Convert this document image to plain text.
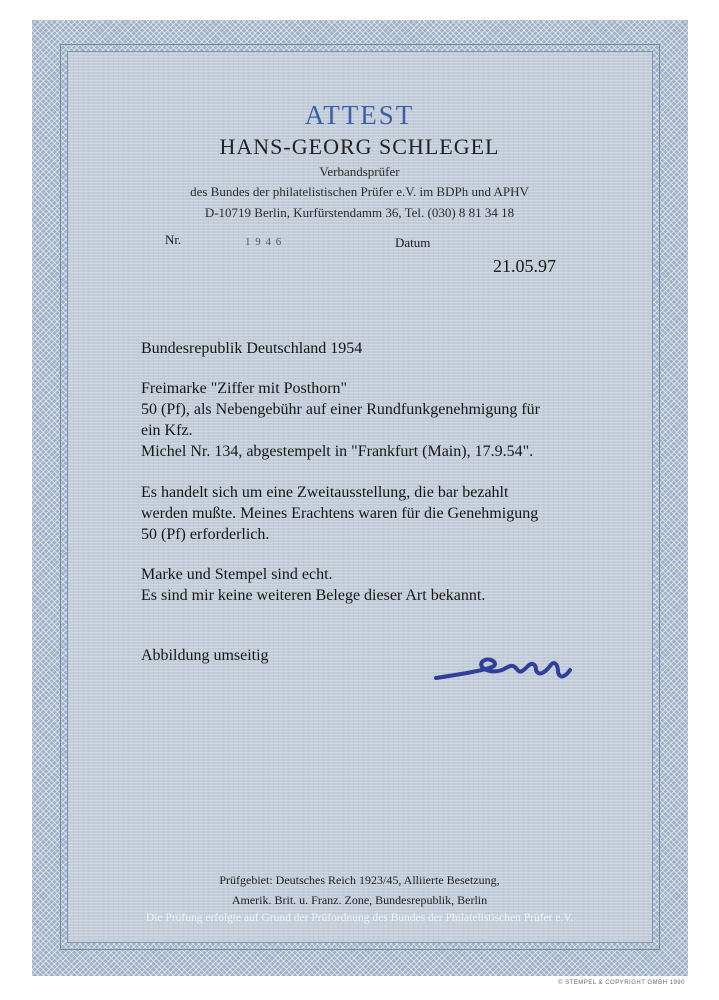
ATTEST
HANS-GEORG SCHLEGEL
Verbandsprüfer
des Bundes der philatelistischen Prüfer e.V. im BDPh und APHV
D-10719 Berlin, Kurfürstendamm 36, Tel. (030) 8 81 34 18
Nr.	1 9 4 6	Datum
21.05.97
Bundesrepublik Deutschland 1954
Freimarke "Ziffer mit Posthorn"
50 (Pf), als Nebengebühr auf einer Rundfunkgenehmigung für
ein Kfz.
Michel Nr. 134, abgestempelt in "Frankfurt (Main), 17.9.54".
Es handelt sich um eine Zweitausstellung, die bar bezahlt
werden mußte. Meines Erachtens waren für die Genehmigung
50 (Pf) erforderlich.
Marke und Stempel sind echt.
Es sind mir keine weiteren Belege dieser Art bekannt.
Abbildung umseitig
Prüfgebiet: Deutsches Reich 1923/45, Alliierte Besetzung,
Amerik. Brit. u. Franz. Zone, Bundesrepublik, Berlin
Die Prüfung erfolgte auf Grund der Prüfordnung des Bundes der Philatelistischen Prüfer e.V.
© STEMPEL & COPYRIGHT GMBH 1990
